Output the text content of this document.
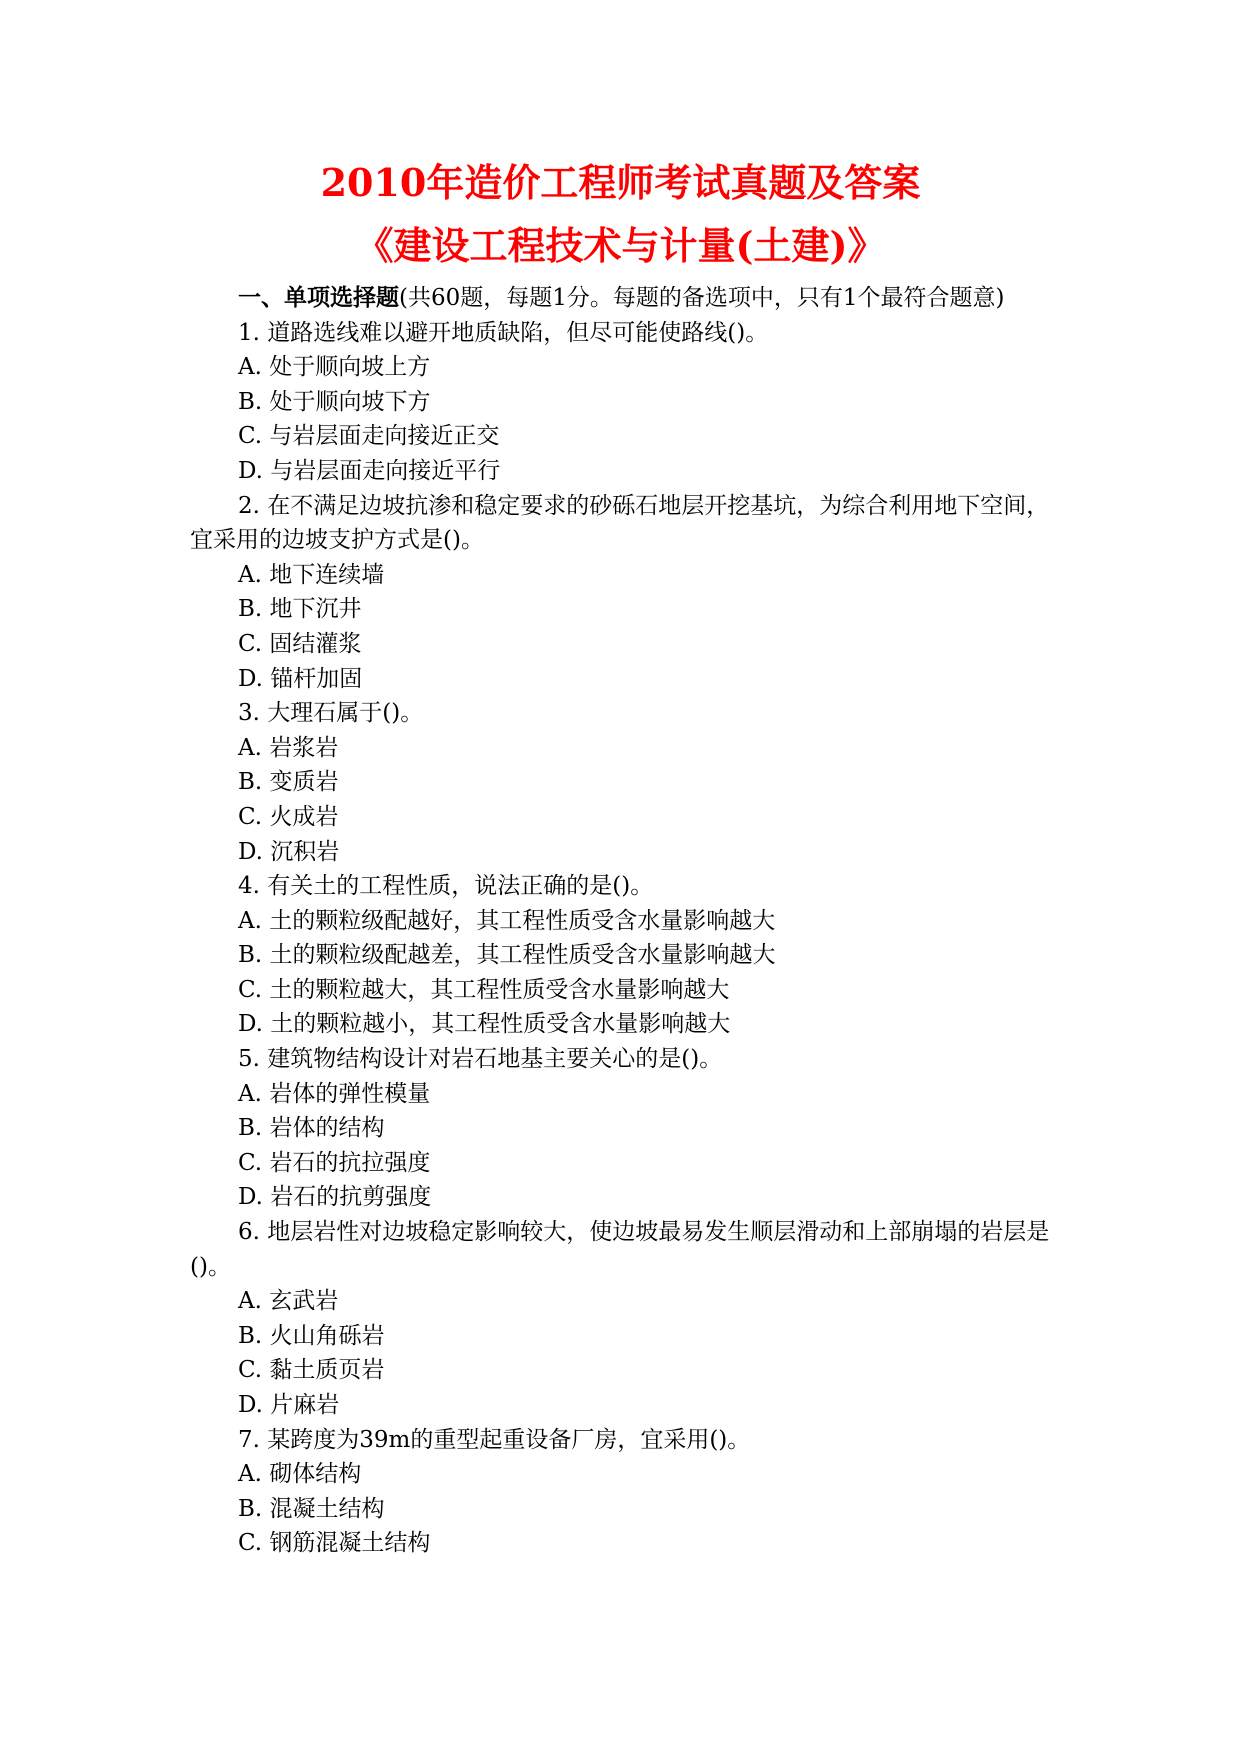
2010年造价工程师考试真题及答案
《建设工程技术与计量(土建)》

一、单项选择题(共60题，每题1分。每题的备选项中，只有1个最符合题意)

1. 道路选线难以避开地质缺陷，但尽可能使路线()。

A. 处于顺向坡上方

B. 处于顺向坡下方

C. 与岩层面走向接近正交

D. 与岩层面走向接近平行

2. 在不满足边坡抗渗和稳定要求的砂砾石地层开挖基坑，为综合利用地下空间，宜采用的边坡支护方式是()。

A. 地下连续墙

B. 地下沉井

C. 固结灌浆

D. 锚杆加固

3. 大理石属于()。

A. 岩浆岩

B. 变质岩

C. 火成岩

D. 沉积岩

4. 有关土的工程性质，说法正确的是()。

A. 土的颗粒级配越好，其工程性质受含水量影响越大

B. 土的颗粒级配越差，其工程性质受含水量影响越大

C. 土的颗粒越大，其工程性质受含水量影响越大

D. 土的颗粒越小，其工程性质受含水量影响越大

5. 建筑物结构设计对岩石地基主要关心的是()。

A. 岩体的弹性模量

B. 岩体的结构

C. 岩石的抗拉强度

D. 岩石的抗剪强度

6. 地层岩性对边坡稳定影响较大，使边坡最易发生顺层滑动和上部崩塌的岩层是()。

A. 玄武岩

B. 火山角砾岩

C. 黏土质页岩

D. 片麻岩

7. 某跨度为39m的重型起重设备厂房，宜采用()。

A. 砌体结构

B. 混凝土结构

C. 钢筋混凝土结构
